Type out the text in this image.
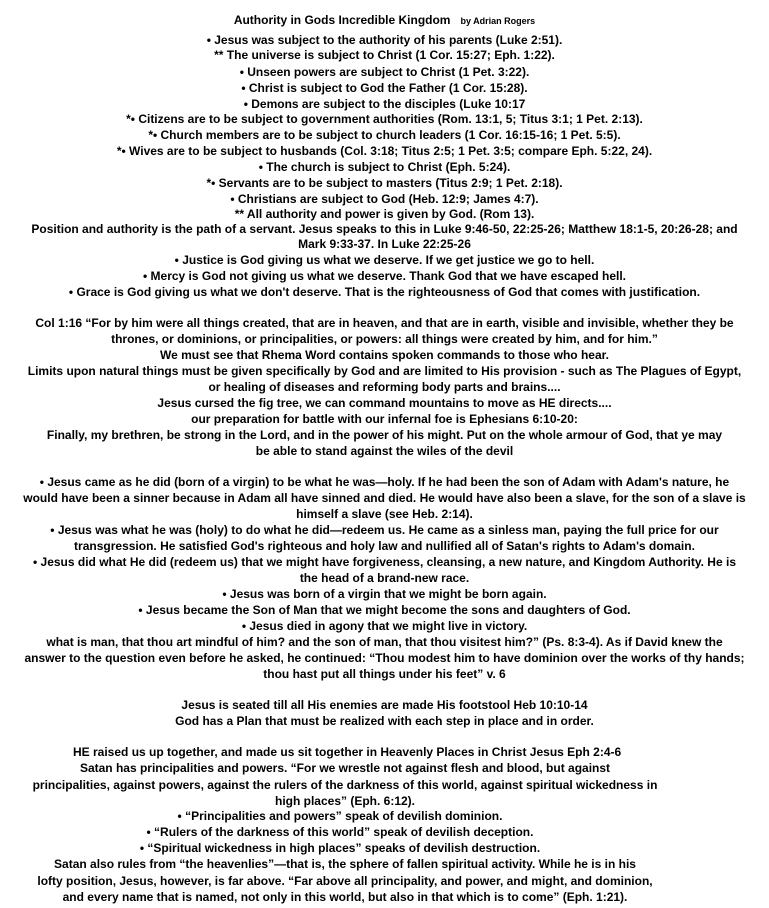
Authority in Gods Incredible Kingdom by Adrian Rogers
• Jesus was subject to the authority of his parents (Luke 2:51).
** The universe is subject to Christ (1 Cor. 15:27; Eph. 1:22).
• Unseen powers are subject to Christ (1 Pet. 3:22).
• Christ is subject to God the Father (1 Cor. 15:28).
• Demons are subject to the disciples (Luke 10:17
*• Citizens are to be subject to government authorities (Rom. 13:1, 5; Titus 3:1; 1 Pet. 2:13).
*• Church members are to be subject to church leaders (1 Cor. 16:15-16; 1 Pet. 5:5).
*• Wives are to be subject to husbands (Col. 3:18; Titus 2:5; 1 Pet. 3:5; compare Eph. 5:22, 24).
• The church is subject to Christ (Eph. 5:24).
*• Servants are to be subject to masters (Titus 2:9; 1 Pet. 2:18).
• Christians are subject to God (Heb. 12:9; James 4:7).
** All authority and power is given by God. (Rom 13).
Position and authority is the path of a servant. Jesus speaks to this in Luke 9:46-50, 22:25-26; Matthew 18:1-5, 20:26-28; and
Mark 9:33-37. In Luke 22:25-26
• Justice is God giving us what we deserve. If we get justice we go to hell.
• Mercy is God not giving us what we deserve. Thank God that we have escaped hell.
• Grace is God giving us what we don't deserve. That is the righteousness of God that comes with justification.
Col 1:16 “For by him were all things created, that are in heaven, and that are in earth, visible and invisible, whether they be
thrones, or dominions, or principalities, or powers: all things were created by him, and for him.”
We must see that Rhema Word contains spoken commands to those who hear.
Limits upon natural things must be given specifically by God and are limited to His provision - such as The Plagues of Egypt,
or healing of diseases and reforming body parts and brains....
Jesus cursed the fig tree, we can command mountains to move as HE directs....
our preparation for battle with our infernal foe is Ephesians 6:10-20:
Finally, my brethren, be strong in the Lord, and in the power of his might. Put on the whole armour of God, that ye may
be able to stand against the wiles of the devil
• Jesus came as he did (born of a virgin) to be what he was—holy. If he had been the son of Adam with Adam's nature, he
would have been a sinner because in Adam all have sinned and died. He would have also been a slave, for the son of a slave is
himself a slave (see Heb. 2:14).
• Jesus was what he was (holy) to do what he did—redeem us. He came as a sinless man, paying the full price for our
transgression. He satisfied God's righteous and holy law and nullified all of Satan's rights to Adam's domain.
• Jesus did what He did (redeem us) that we might have forgiveness, cleansing, a new nature, and Kingdom Authority. He is
the head of a brand-new race.
• Jesus was born of a virgin that we might be born again.
• Jesus became the Son of Man that we might become the sons and daughters of God.
• Jesus died in agony that we might live in victory.
what is man, that thou art mindful of him? and the son of man, that thou visitest him?” (Ps. 8:3-4). As if David knew the
answer to the question even before he asked, he continued: “Thou modest him to have dominion over the works of thy hands;
thou hast put all things under his feet” v. 6
Jesus is seated till all His enemies are made His footstool Heb 10:10-14
God has a Plan that must be realized with each step in place and in order.
HE raised us up together, and made us sit together in Heavenly Places in Christ Jesus Eph 2:4-6
Satan has principalities and powers. “For we wrestle not against flesh and blood, but against
principalities, against powers, against the rulers of the darkness of this world, against spiritual wickedness in
high places” (Eph. 6:12).
• “Principalities and powers” speak of devilish dominion.
• “Rulers of the darkness of this world” speak of devilish deception.
• “Spiritual wickedness in high places” speaks of devilish destruction.
Satan also rules from “the heavenlies”—that is, the sphere of fallen spiritual activity. While he is in his
lofty position, Jesus, however, is far above. “Far above all principality, and power, and might, and dominion,
and every name that is named, not only in this world, but also in that which is to come” (Eph. 1:21).
